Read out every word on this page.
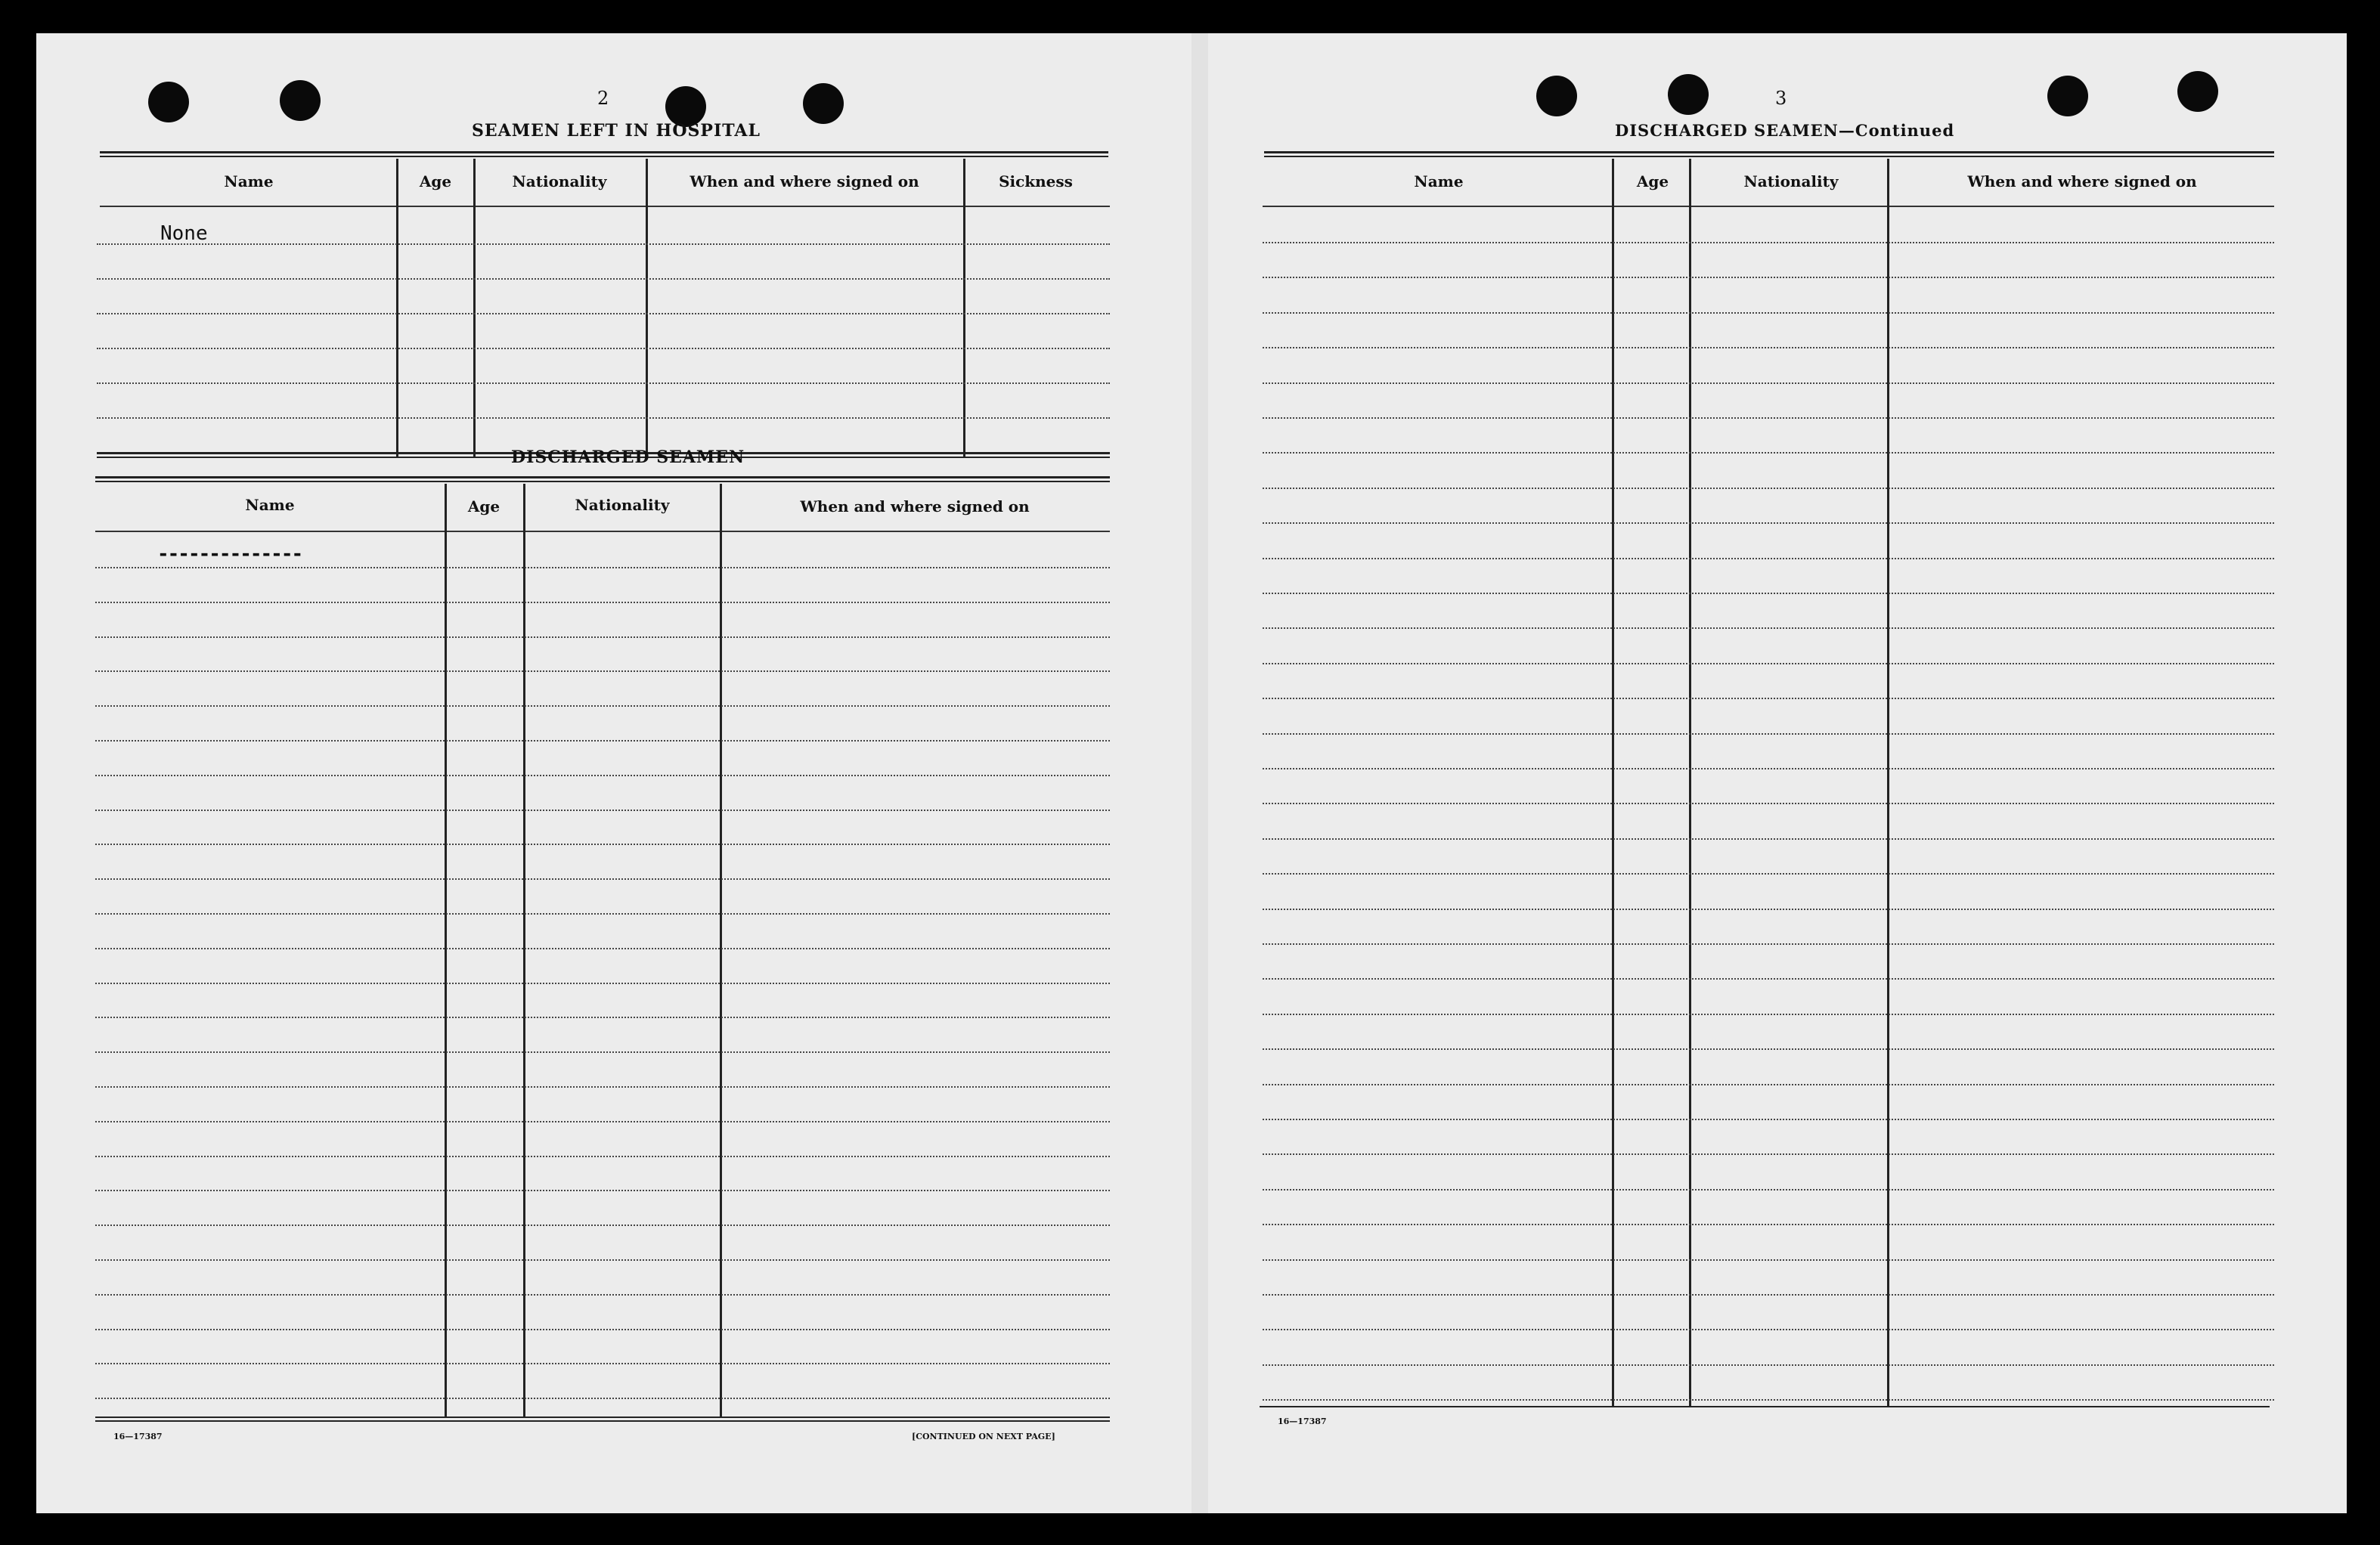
2
SEAMEN LEFT IN HOSPITAL
Name	Age	Nationality	When and where signed on	Sickness
None
DISCHARGED SEAMEN
Name	Age	Nationality	When and where signed on
--------------
16—17387	[CONTINUED ON NEXT PAGE]
3
DISCHARGED SEAMEN—Continued
Name	Age	Nationality	When and where signed on
16—17387
